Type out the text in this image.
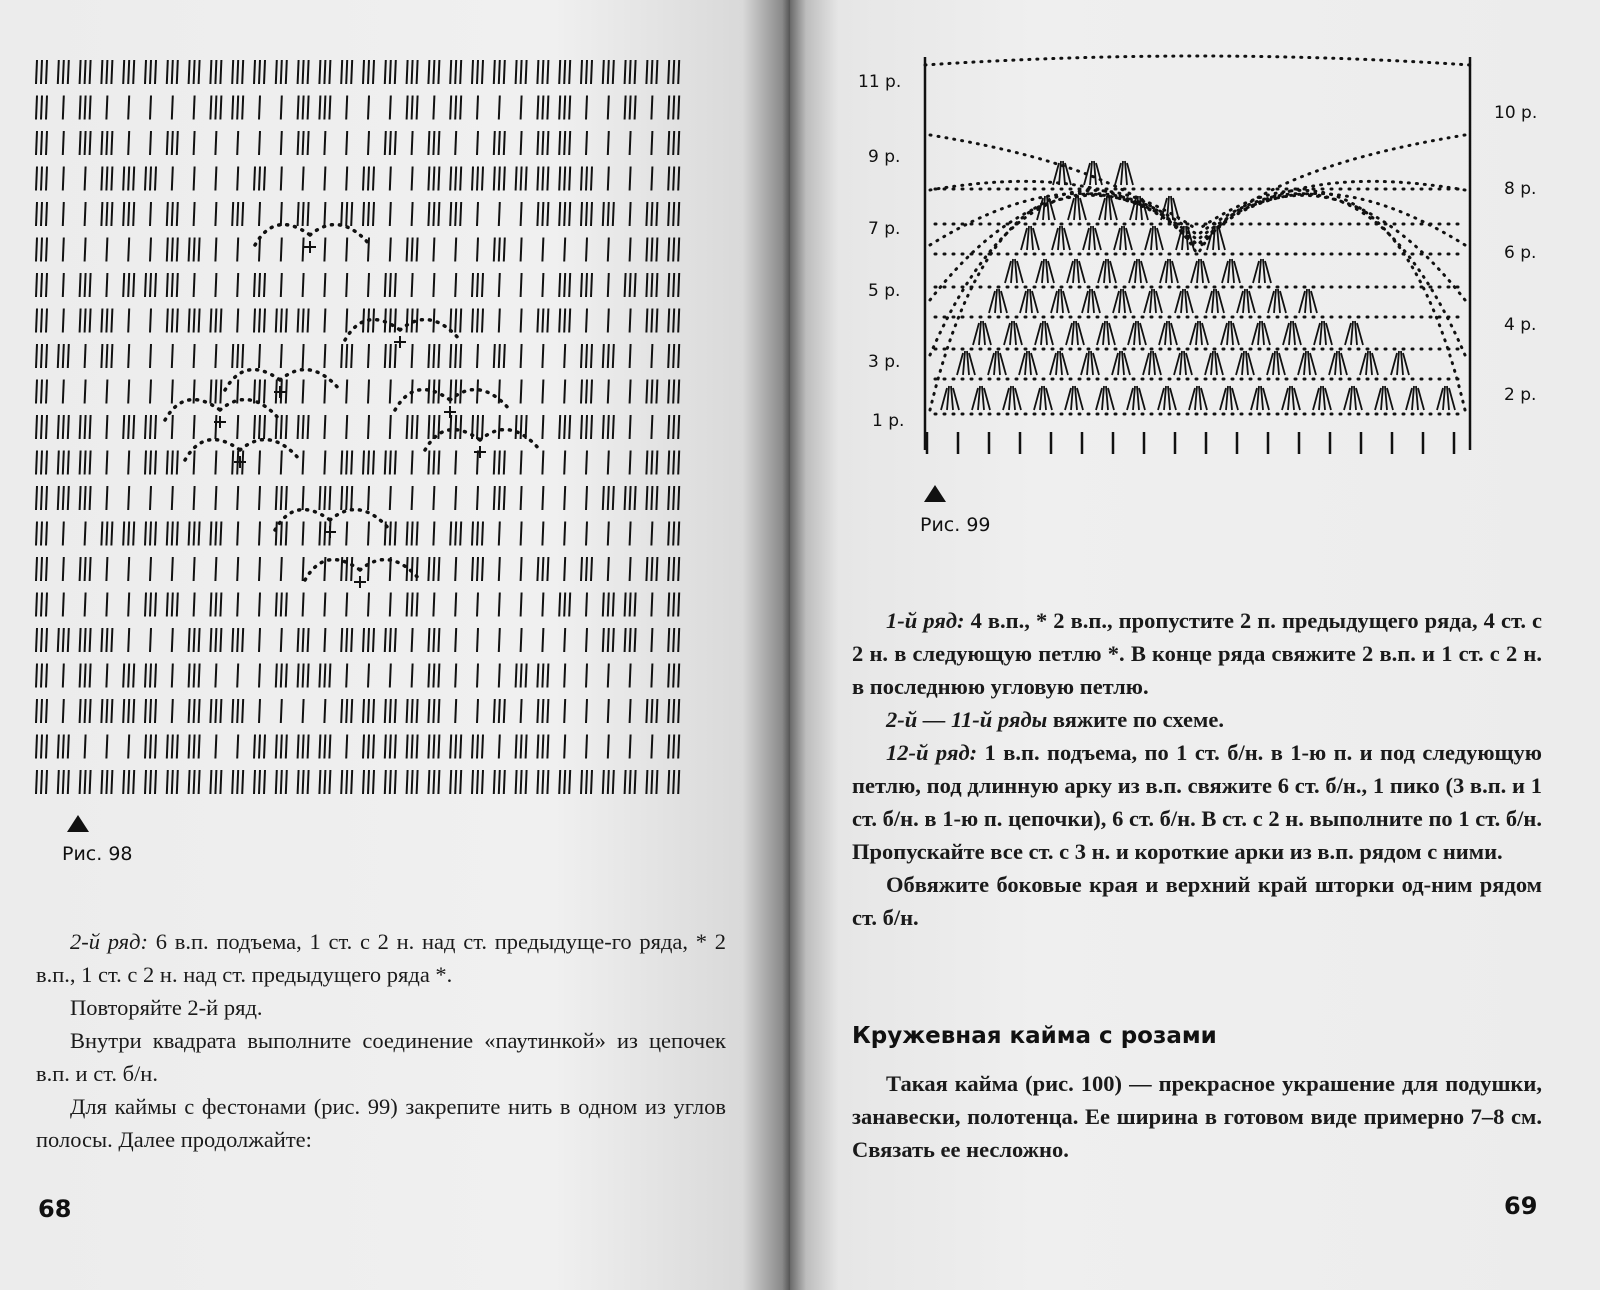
Рис. 98

2-й ряд: 6 в.п. подъема, 1 ст. с 2 н. над ст. предыдуще-го ряда, * 2 в.п., 1 ст. с 2 н. над ст. предыдущего ряда *.

Повторяйте 2-й ряд.

Внутри квадрата выполните соединение «паутинкой» из цепочек в.п. и ст. б/н.

Для каймы с фестонами (рис. 99) закрепите нить в одном из углов полосы. Далее продолжайте:

68
11 р.
9 р.
7 р.
5 р.
3 р.
1 р.
10 р.
8 р.
6 р.
4 р.
2 р.
Рис. 99

1-й ряд: 4 в.п., * 2 в.п., пропустите 2 п. предыдущего ряда, 4 ст. с 2 н. в следующую петлю *. В конце ряда свяжите 2 в.п. и 1 ст. с 2 н. в последнюю угловую петлю.

2-й — 11-й ряды вяжите по схеме.

12-й ряд: 1 в.п. подъема, по 1 ст. б/н. в 1-ю п. и под следующую петлю, под длинную арку из в.п. свяжите 6 ст. б/н., 1 пико (3 в.п. и 1 ст. б/н. в 1-ю п. цепочки), 6 ст. б/н. В ст. с 2 н. выполните по 1 ст. б/н. Пропускайте все ст. с 3 н. и короткие арки из в.п. рядом с ними.

Обвяжите боковые края и верхний край шторки од-ним рядом ст. б/н.

Кружевная кайма с розами

Такая кайма (рис. 100) — прекрасное украшение для подушки, занавески, полотенца. Ее ширина в готовом виде примерно 7–8 см. Связать ее несложно.

69
